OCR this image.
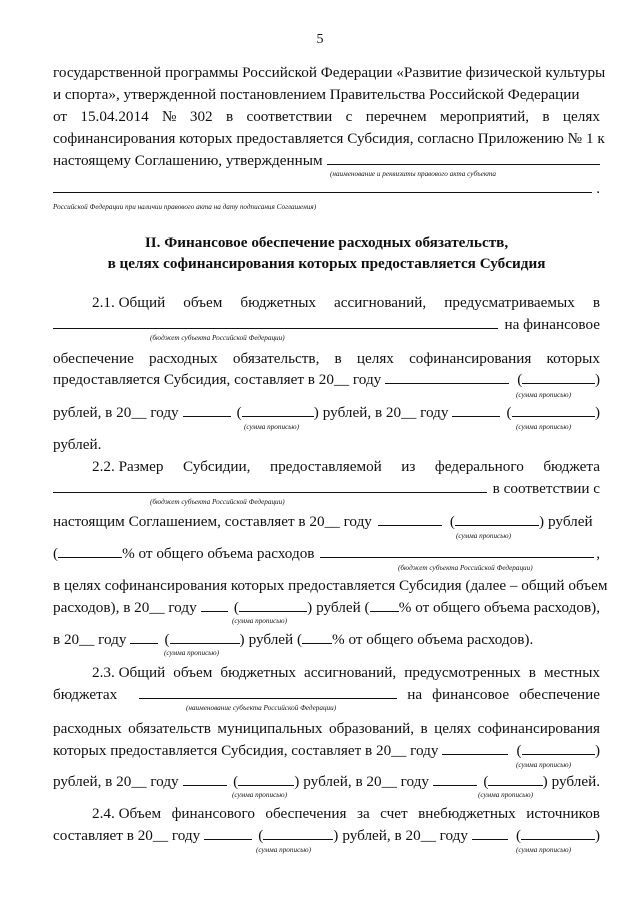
5
государственной программы Российской Федерации «Развитие физической культуры
и спорта», утвержденной постановлением Правительства Российской Федерации
от 15.04.2014 № 302 в соответствии с перечнем мероприятий, в целях
софинансирования которых предоставляется Субсидия, согласно Приложению № 1 к
настоящему Соглашению, утвержденным
(наименование и реквизиты правового акта субъекта
.
Российской Федерации при наличии правового акта на дату подписания Соглашения)
II. Финансовое обеспечение расходных обязательств,
в целях софинансирования которых предоставляется Субсидия
2.1. Общий объем бюджетных ассигнований, предусматриваемых в
на финансовое
(бюджет субъекта Российской Федерации)
обеспечение расходных обязательств, в целях софинансирования которых
предоставляется Субсидия, составляет в 20__ году	(	)
(сумма прописью)
рублей, в 20__ году	(	) рублей, в 20__ году	(	)
(сумма прописью)	(сумма прописью)
рублей.
2.2. Размер Субсидии, предоставляемой из федерального бюджета
в соответствии с
(бюджет субъекта Российской Федерации)
настоящим Соглашением, составляет в 20__ году	(	) рублей
(сумма прописью)
(	% от общего объема расходов	,
(бюджет субъекта Российской Федерации)
в целях софинансирования которых предоставляется Субсидия (далее – общий объем
расходов), в 20__ году (	) рублей ( % от общего объема расходов),
(сумма прописью)
в 20__ году	(	) рублей ( % от общего объема расходов).
(сумма прописью)
2.3. Общий объем бюджетных ассигнований, предусмотренных в местных
бюджетах	на финансовое обеспечение
(наименование субъекта Российской Федерации)
расходных обязательств муниципальных образований, в целях софинансирования
которых предоставляется Субсидия, составляет в 20__ году	(	)
(сумма прописью)
рублей, в 20__ году	(	) рублей, в 20__ году	(	) рублей.
(сумма прописью)	(сумма прописью)
2.4. Объем финансового обеспечения за счет внебюджетных источников
составляет в 20__ году	(	) рублей, в 20__ году	(	)
(сумма прописью)	(сумма прописью)
